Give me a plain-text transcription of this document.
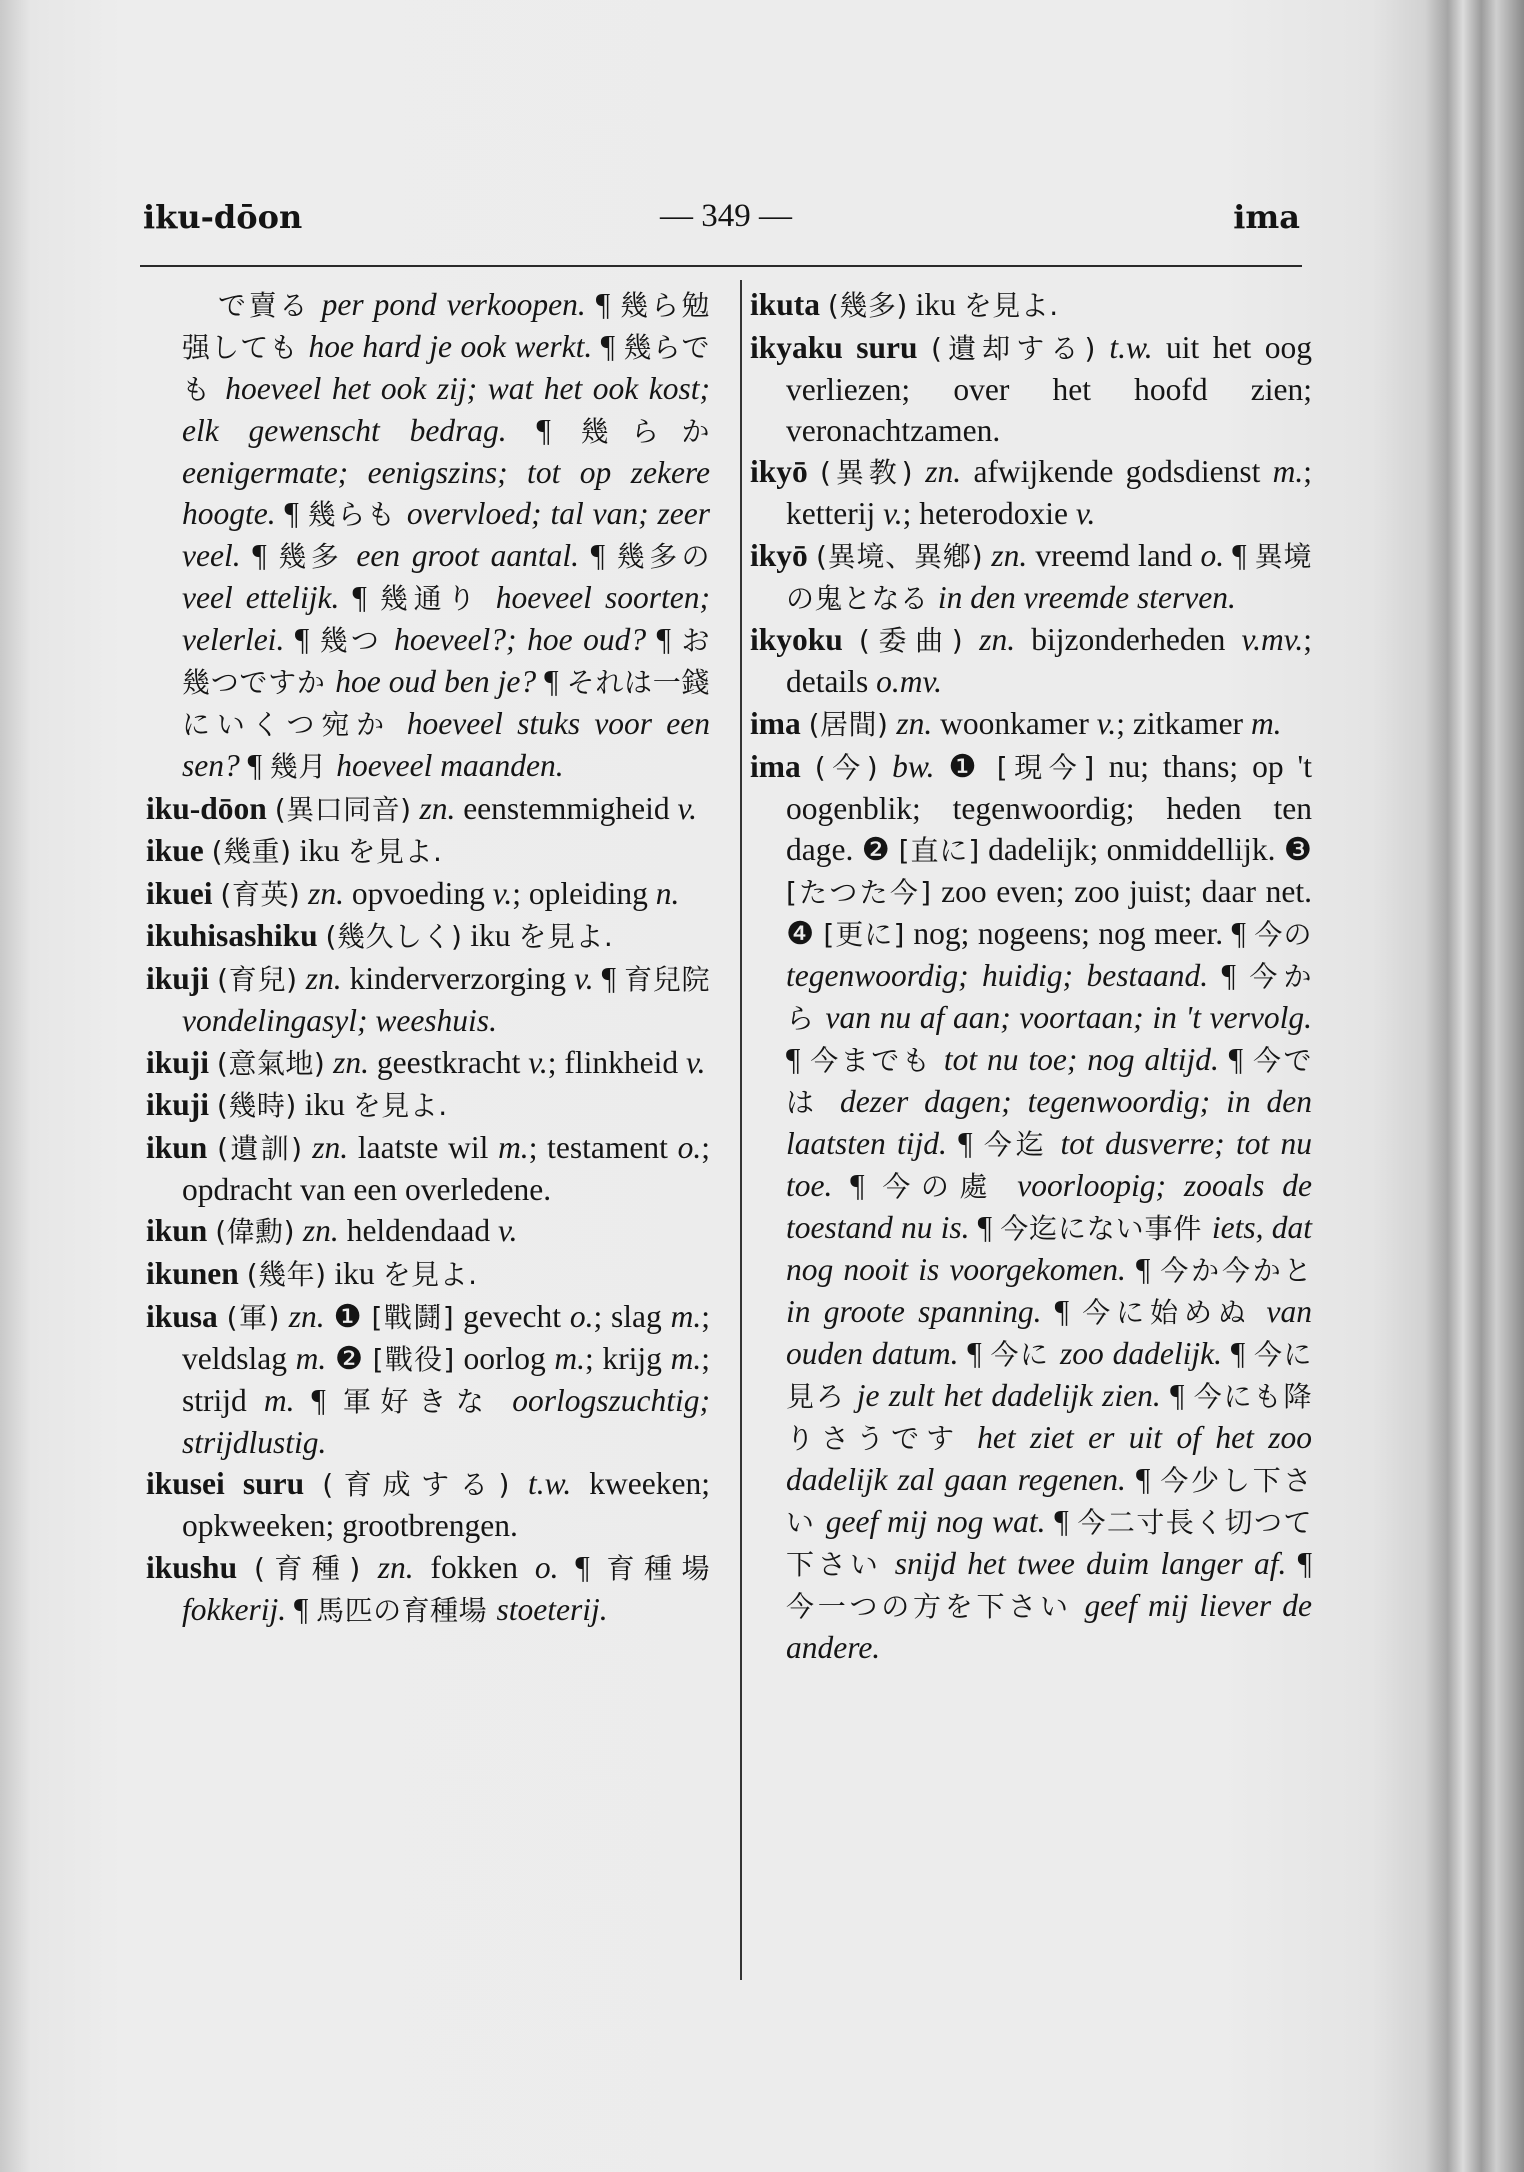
iku-dōon	— 349 —	ima

で賣る per pond verkoopen. ¶ 幾ら勉强しても hoe hard je ook werkt. ¶ 幾らでも hoeveel het ook zij; wat het ook kost; elk gewenscht bedrag. ¶ 幾らか eenigermate; eenigszins; tot op zekere hoogte. ¶ 幾らも overvloed; tal van; zeer veel. ¶ 幾多 een groot aantal. ¶ 幾多の veel ettelijk. ¶ 幾通り hoeveel soorten; velerlei. ¶ 幾つ hoeveel?; hoe oud? ¶ お幾つですか hoe oud ben je? ¶ それは一錢にいくつ宛か hoeveel stuks voor een sen? ¶ 幾月 hoeveel maanden.

iku-dōon (異口同音) zn. eenstemmigheid v.

ikue (幾重) iku を見よ.

ikuei (育英) zn. opvoeding v.; opleiding n.

ikuhisashiku (幾久しく) iku を見よ.

ikuji (育兒) zn. kinderverzorging v. ¶ 育兒院 vondelingasyl; weeshuis.

ikuji (意氣地) zn. geestkracht v.; flinkheid v.

ikuji (幾時) iku を見よ.

ikun (遺訓) zn. laatste wil m.; testament o.; opdracht van een overledene.

ikun (偉勳) zn. heldendaad v.

ikunen (幾年) iku を見よ.

ikusa (軍) zn. ❶ [戰鬪] gevecht o.; slag m.; veldslag m. ❷ [戰役] oorlog m.; krijg m.; strijd m. ¶ 軍好きな oorlogszuchtig; strijdlustig.

ikusei suru (育成する) t.w. kweeken; opkweeken; grootbrengen.

ikushu (育種) zn. fokken o. ¶ 育種場 fokkerij. ¶ 馬匹の育種場 stoeterij.

ikuta (幾多) iku を見よ.

ikyaku suru (遺却する) t.w. uit het oog verliezen; over het hoofd zien; veronachtzamen.

ikyō (異教) zn. afwijkende godsdienst m.; ketterij v.; heterodoxie v.

ikyō (異境、異鄕) zn. vreemd land o. ¶ 異境の鬼となる in den vreemde sterven.

ikyoku (委曲) zn. bijzonderheden v.mv.; details o.mv.

ima (居間) zn. woonkamer v.; zitkamer m.

ima (今) bw. ❶ [現今] nu; thans; op 't oogenblik; tegenwoordig; heden ten dage. ❷ [直に] dadelijk; onmiddellijk. ❸ [たつた今] zoo even; zoo juist; daar net. ❹ [更に] nog; nogeens; nog meer. ¶ 今の tegenwoordig; huidig; bestaand. ¶ 今から van nu af aan; voortaan; in 't vervolg. ¶ 今までも tot nu toe; nog altijd. ¶ 今では dezer dagen; tegenwoordig; in den laatsten tijd. ¶ 今迄 tot dusverre; tot nu toe. ¶ 今の處 voorloopig; zooals de toestand nu is. ¶ 今迄にない事件 iets, dat nog nooit is voorgekomen. ¶ 今か今かと in groote spanning. ¶ 今に始めぬ van ouden datum. ¶ 今に zoo dadelijk. ¶ 今に見ろ je zult het dadelijk zien. ¶ 今にも降りさうです het ziet er uit of het zoo dadelijk zal gaan regenen. ¶ 今少し下さい geef mij nog wat. ¶ 今二寸長く切つて下さい snijd het twee duim langer af. ¶ 今一つの方を下さい geef mij liever de andere.
